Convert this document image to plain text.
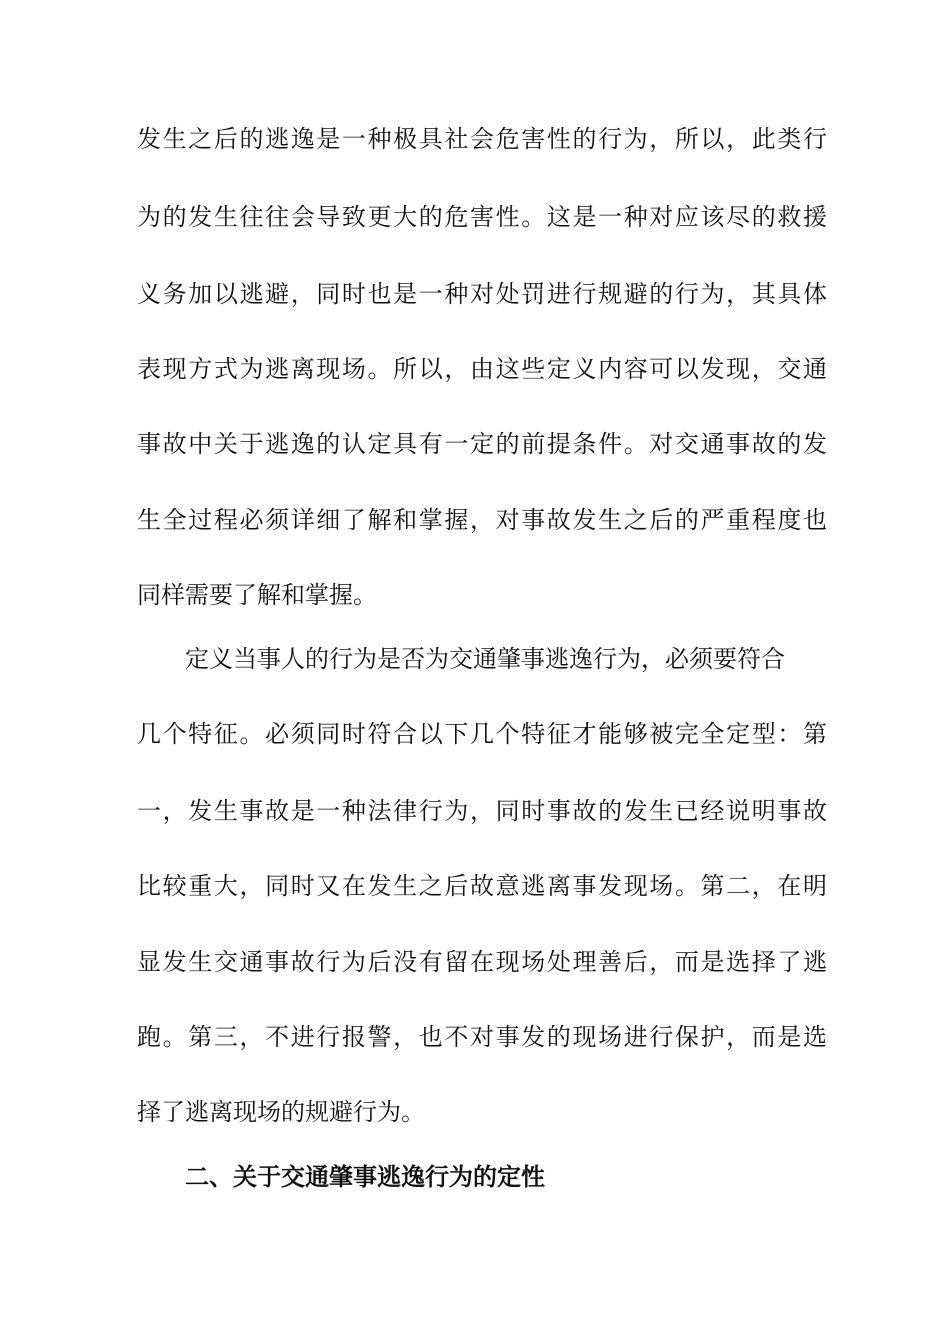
发生之后的逃逸是一种极具社会危害性的行为，所以，此类行
为的发生往往会导致更大的危害性。这是一种对应该尽的救援
义务加以逃避，同时也是一种对处罚进行规避的行为，其具体
表现方式为逃离现场。所以，由这些定义内容可以发现，交通
事故中关于逃逸的认定具有一定的前提条件。对交通事故的发
生全过程必须详细了解和掌握，对事故发生之后的严重程度也
同样需要了解和掌握。
定义当事人的行为是否为交通肇事逃逸行为，必须要符合
几个特征。必须同时符合以下几个特征才能够被完全定型：第
一，发生事故是一种法律行为，同时事故的发生已经说明事故
比较重大，同时又在发生之后故意逃离事发现场。第二，在明
显发生交通事故行为后没有留在现场处理善后，而是选择了逃
跑。第三，不进行报警，也不对事发的现场进行保护，而是选
择了逃离现场的规避行为。
二、关于交通肇事逃逸行为的定性
